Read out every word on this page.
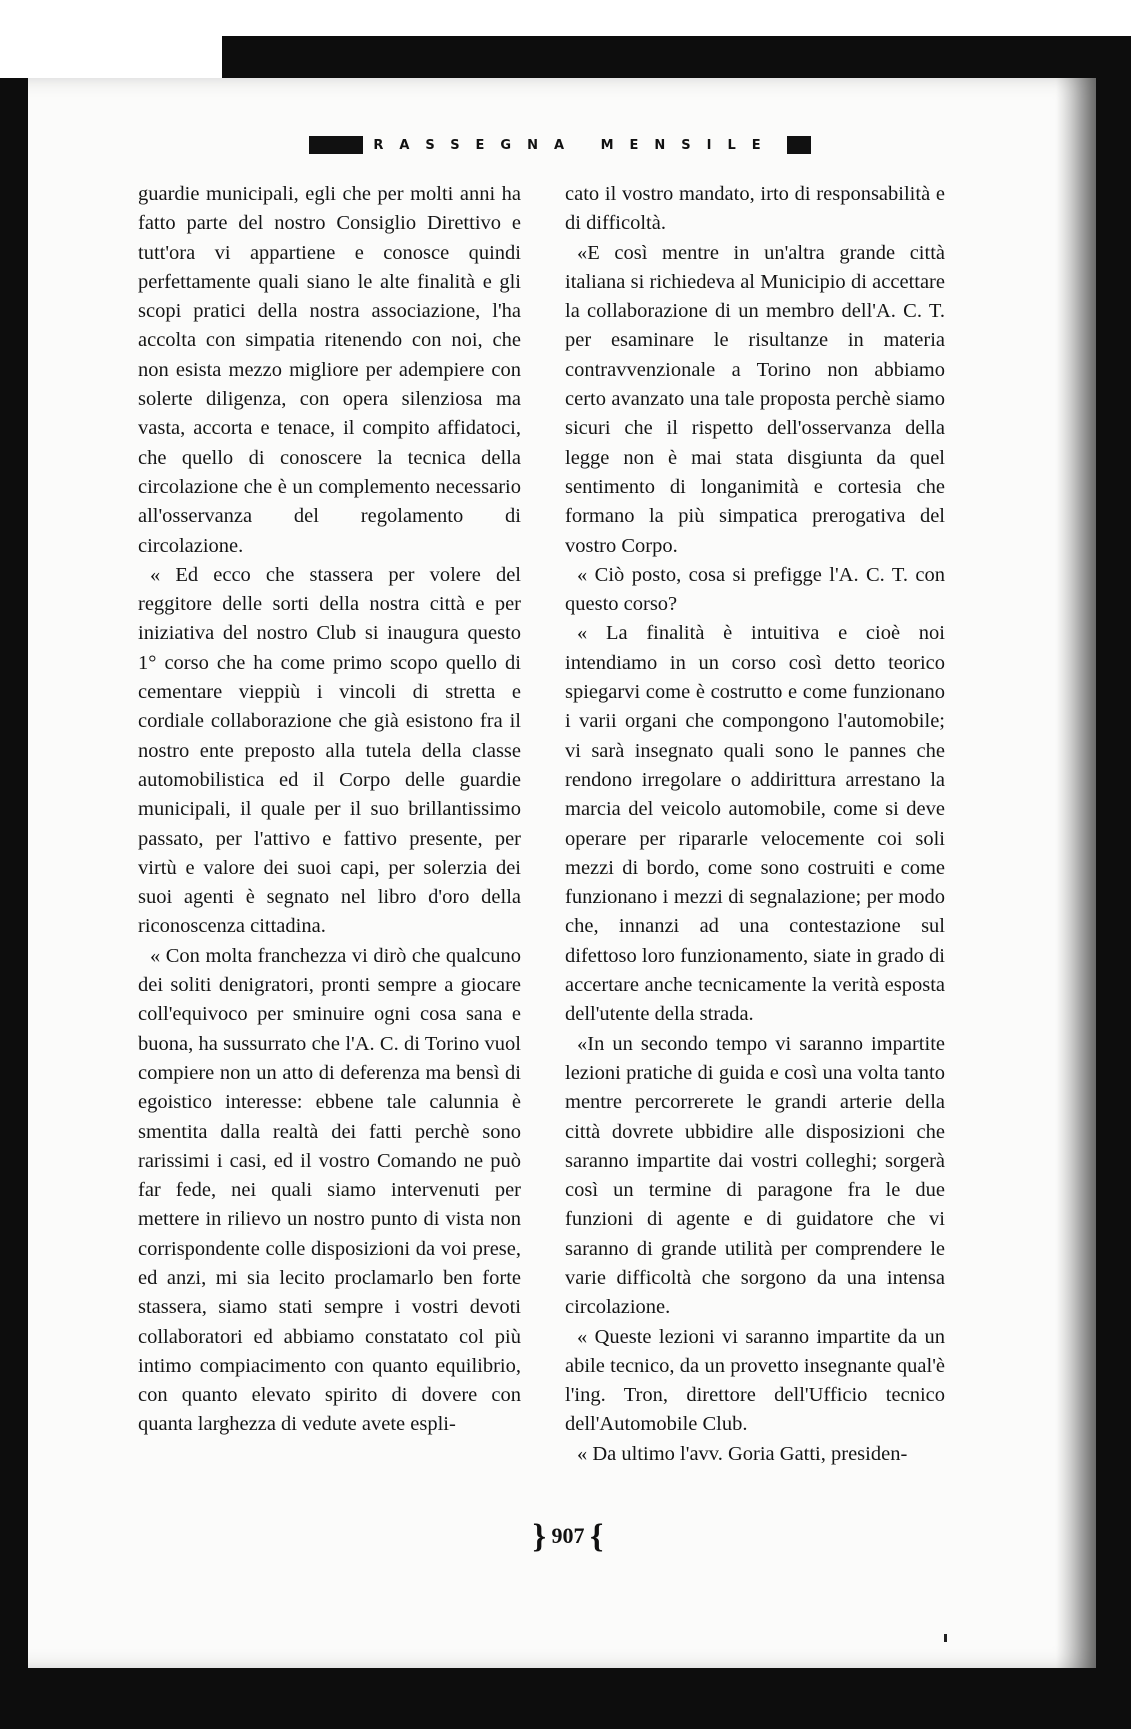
RASSEGNA MENSILE

guardie municipali, egli che per molti anni ha fatto parte del nostro Consiglio Direttivo e tutt'ora vi appartiene e conosce quindi perfettamente quali siano le alte finalità e gli scopi pratici della nostra associazione, l'ha accolta con simpatia ritenendo con noi, che non esista mezzo migliore per adempiere con solerte diligenza, con opera silenziosa ma vasta, accorta e tenace, il compito affidatoci, che quello di conoscere la tecnica della circolazione che è un complemento necessario all'osservanza del regolamento di circolazione.

« Ed ecco che stassera per volere del reggitore delle sorti della nostra città e per iniziativa del nostro Club si inaugura questo 1° corso che ha come primo scopo quello di cementare vieppiù i vincoli di stretta e cordiale collaborazione che già esistono fra il nostro ente preposto alla tutela della classe automobilistica ed il Corpo delle guardie municipali, il quale per il suo brillantissimo passato, per l'attivo e fattivo presente, per virtù e valore dei suoi capi, per solerzia dei suoi agenti è segnato nel libro d'oro della riconoscenza cittadina.

« Con molta franchezza vi dirò che qualcuno dei soliti denigratori, pronti sempre a giocare coll'equivoco per sminuire ogni cosa sana e buona, ha sussurrato che l'A. C. di Torino vuol compiere non un atto di deferenza ma bensì di egoistico interesse: ebbene tale calunnia è smentita dalla realtà dei fatti perchè sono rarissimi i casi, ed il vostro Comando ne può far fede, nei quali siamo intervenuti per mettere in rilievo un nostro punto di vista non corrispondente colle disposizioni da voi prese, ed anzi, mi sia lecito proclamarlo ben forte stassera, siamo stati sempre i vostri devoti collaboratori ed abbiamo constatato col più intimo compiacimento con quanto equilibrio, con quanto elevato spirito di dovere con quanta larghezza di vedute avete espli-

cato il vostro mandato, irto di responsabilità e di difficoltà.

«E così mentre in un'altra grande città italiana si richiedeva al Municipio di accettare la collaborazione di un membro dell'A. C. T. per esaminare le risultanze in materia contravvenzionale a Torino non abbiamo certo avanzato una tale proposta perchè siamo sicuri che il rispetto dell'osservanza della legge non è mai stata disgiunta da quel sentimento di longanimità e cortesia che formano la più simpatica prerogativa del vostro Corpo.

« Ciò posto, cosa si prefigge l'A. C. T. con questo corso?

« La finalità è intuitiva e cioè noi intendiamo in un corso così detto teorico spiegarvi come è costrutto e come funzionano i varii organi che compongono l'automobile; vi sarà insegnato quali sono le pannes che rendono irregolare o addirittura arrestano la marcia del veicolo automobile, come si deve operare per ripararle velocemente coi soli mezzi di bordo, come sono costruiti e come funzionano i mezzi di segnalazione; per modo che, innanzi ad una contestazione sul difettoso loro funzionamento, siate in grado di accertare anche tecnicamente la verità esposta dell'utente della strada.

«In un secondo tempo vi saranno impartite lezioni pratiche di guida e così una volta tanto mentre percorrerete le grandi arterie della città dovrete ubbidire alle disposizioni che saranno impartite dai vostri colleghi; sorgerà così un termine di paragone fra le due funzioni di agente e di guidatore che vi saranno di grande utilità per comprendere le varie difficoltà che sorgono da una intensa circolazione.

« Queste lezioni vi saranno impartite da un abile tecnico, da un provetto insegnante qual'è l'ing. Tron, direttore dell'Ufficio tecnico dell'Automobile Club.

« Da ultimo l'avv. Goria Gatti, presiden-

} 907 {
